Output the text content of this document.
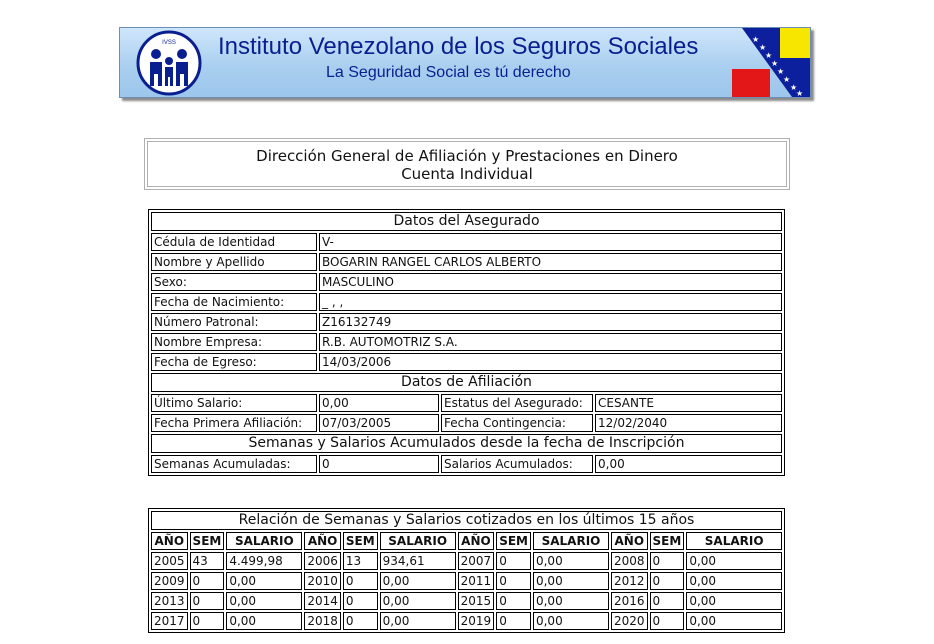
IVSS Instituto Venezolano de los Seguros Sociales
La Seguridad Social es tú derecho
★
★
★
★
★
★
★
★
Dirección General de Afiliación y Prestaciones en Dinero
Cuenta Individual
Datos del Asegurado			
Cédula de Identidad	V-		
Nombre y Apellido	BOGARIN RANGEL CARLOS ALBERTO		
Sexo:	MASCULINO		
Fecha de Nacimiento:	_ , ,		
Número Patronal:	Z16132749		
Nombre Empresa:	R.B. AUTOMOTRIZ S.A.		
Fecha de Egreso:	14/03/2006		
Datos de Afiliación			
Último Salario:	0,00	Estatus del Asegurado:	CESANTE
Fecha Primera Afiliación:	07/03/2005	Fecha Contingencia:	12/02/2040
Semanas y Salarios Acumulados desde la fecha de Inscripción			
Semanas Acumuladas:	0	Salarios Acumulados:	0,00
Relación de Semanas y Salarios cotizados en los últimos 15 años											
AÑO	SEM	SALARIO	AÑO	SEM	SALARIO	AÑO	SEM	SALARIO	AÑO	SEM	SALARIO
2005	43	4.499,98	2006	13	934,61	2007	0	0,00	2008	0	0,00
2009	0	0,00	2010	0	0,00	2011	0	0,00	2012	0	0,00
2013	0	0,00	2014	0	0,00	2015	0	0,00	2016	0	0,00
2017	0	0,00	2018	0	0,00	2019	0	0,00	2020	0	0,00
